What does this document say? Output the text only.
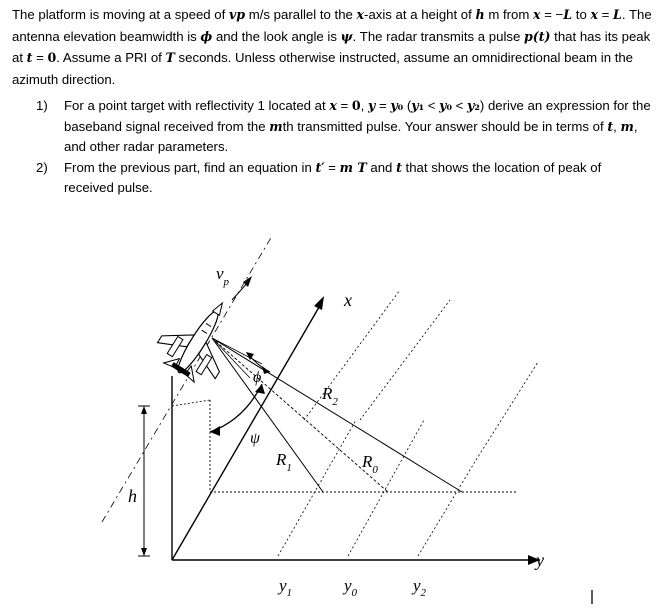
The platform is moving at a speed of vp m/s parallel to the x-axis at a height of h m from x = −L to x = L. The antenna elevation beamwidth is ϕ and the look angle is ψ. The radar transmits a pulse p(t) that has its peak at t = 0. Assume a PRI of T seconds. Unless otherwise instructed, assume an omnidirectional beam in the azimuth direction.
1)	For a point target with reflectivity 1 located at x = 0, y = y₀ (y₁ < y₀ < y₂) derive an expression for the baseband signal received from the mth transmitted pulse. Your answer should be in terms of t, m, and other radar parameters.
2)	From the previous part, find an equation in t′ = m T and t that shows the location of peak of received pulse.
$v_p$
x
y
h
ϕ
ψ
$R_2$
$R_1$	$R_0$
$y_1$	$y_0$	$y_2$
